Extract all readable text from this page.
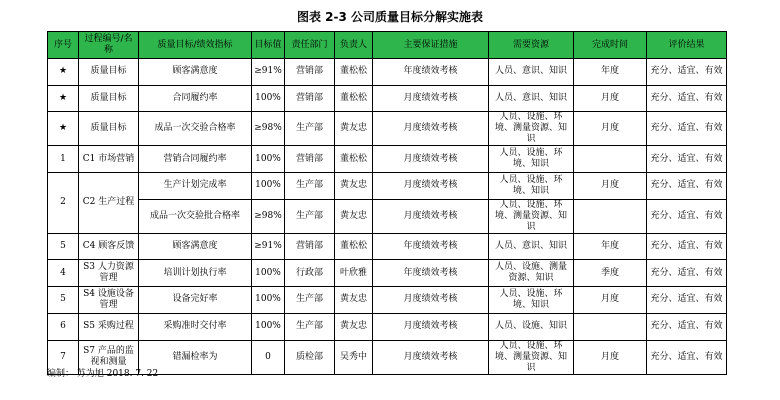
图表 2-3 公司质量目标分解实施表
序号	过程编号/名称	质量目标/绩效指标	目标值	责任部门	负责人	主要保证措施	需要资源	完成时间	评价结果
★	质量目标	顾客满意度	≥91%	营销部	董松松	年度绩效考核	人员、意识、知识	年度	充分、适宜、有效
★	质量目标	合同履约率	100%	营销部	董松松	月度绩效考核	人员、意识、知识	月度	充分、适宜、有效
★	质量目标	成品一次交验合格率	≥98%	生产部	黄友忠	月度绩效考核	人员、设施、环境、测量资源、知识	月度	充分、适宜、有效
1	C1 市场营销	营销合同履约率	100%	营销部	董松松	月度绩效考核	人员、设施、环境、知识		充分、适宜、有效
2	C2 生产过程	生产计划完成率	100%	生产部	黄友忠	月度绩效考核	人员、设施、环境、知识	月度	充分、适宜、有效
		成品一次交验批合格率	≥98%	生产部	黄友忠	月度绩效考核	人员、设施、环境、测量资源、知识		充分、适宜、有效
5	C4 顾客反馈	顾客满意度	≥91%	营销部	董松松	年度绩效考核	人员、意识、知识	年度	充分、适宜、有效
4	S3 人力资源管理	培训计划执行率	100%	行政部	叶欣雅	年度绩效考核	人员、设施、测量资源、知识	季度	充分、适宜、有效
5	S4 设施设备管理	设备完好率	100%	生产部	黄友忠	月度绩效考核	人员、设施、环境、知识	月度	充分、适宜、有效
6	S5 采购过程	采购准时交付率	100%	生产部	黄友忠	月度绩效考核	人员、设施、知识		充分、适宜、有效
7	S7 产品的监视和测量	错漏检率为	0	质检部	吴秀中	月度绩效考核	人员、设施、环境、测量资源、知识	月度	充分、适宜、有效
编制： 苏为旭 2018. 7. 22
